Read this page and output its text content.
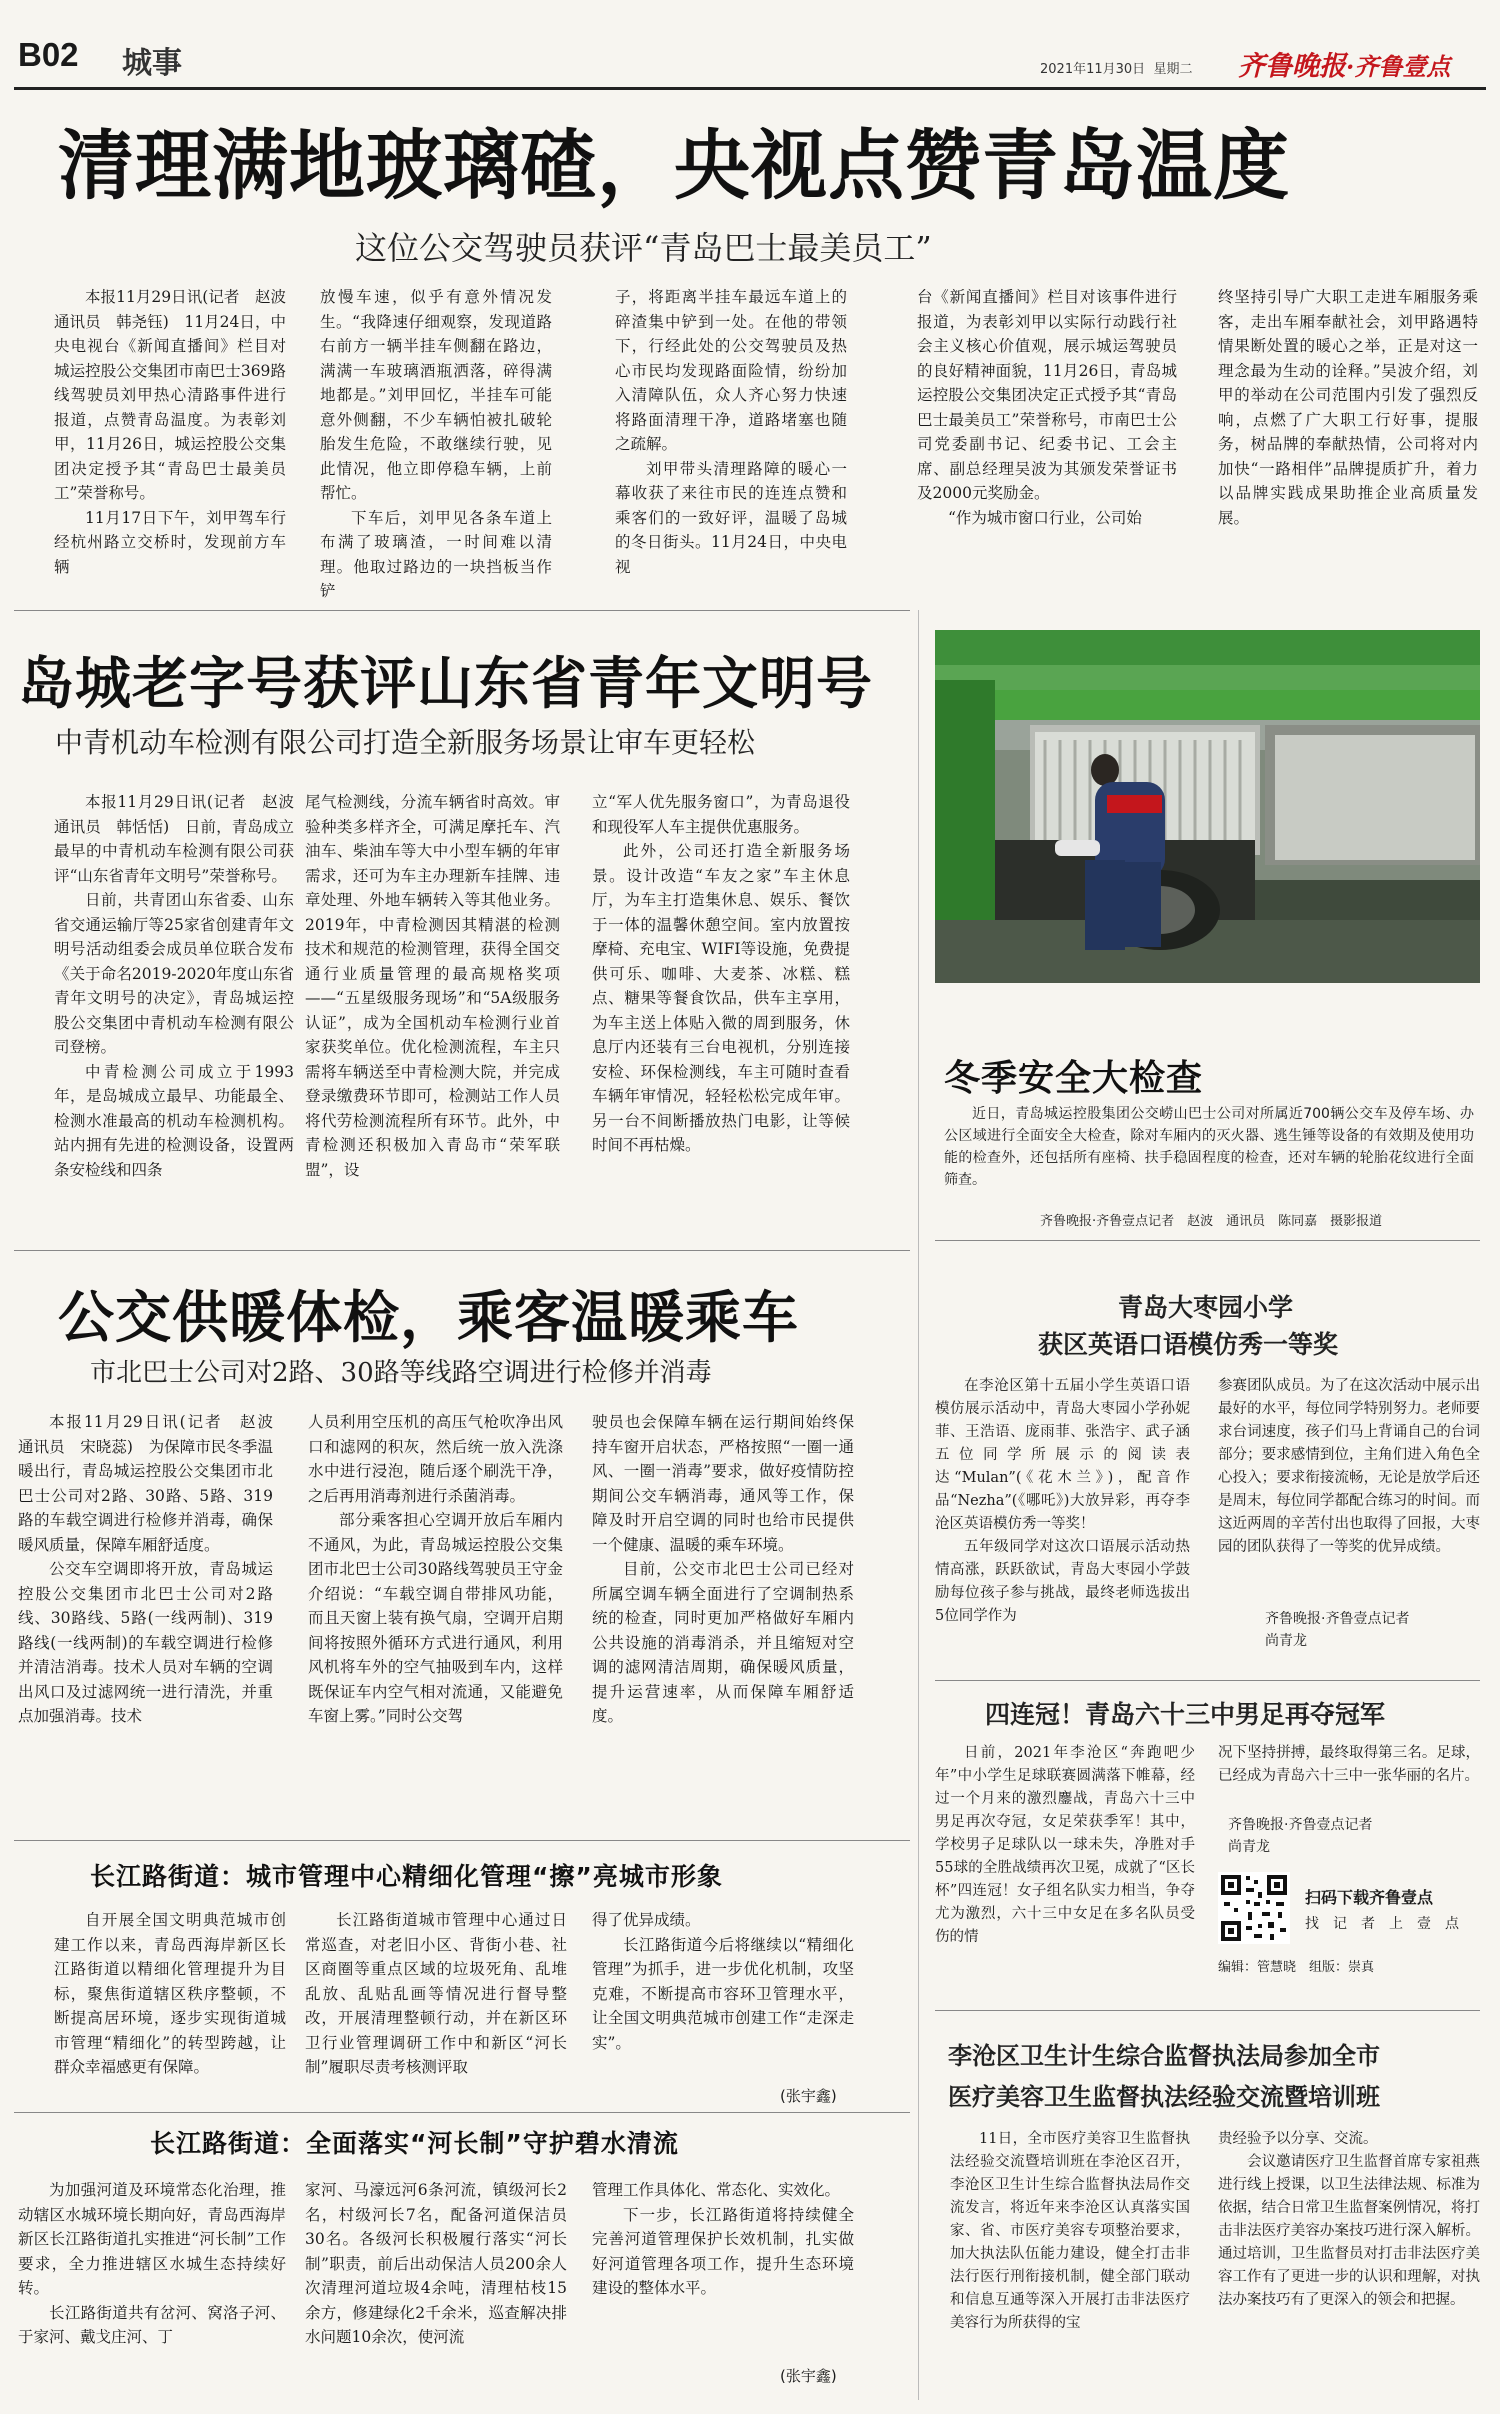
B02	城事	2021年11月30日 星期二 齐鲁晚报·齐鲁壹点
清理满地玻璃碴，央视点赞青岛温度
这位公交驾驶员获评“青岛巴士最美员工”

本报11月29日讯(记者　赵波　通讯员　韩尧钰)　11月24日，中央电视台《新闻直播间》栏目对城运控股公交集团市南巴士369路线驾驶员刘甲热心清路事件进行报道，点赞青岛温度。为表彰刘甲，11月26日，城运控股公交集团决定授予其“青岛巴士最美员工”荣誉称号。

11月17日下午，刘甲驾车行经杭州路立交桥时，发现前方车辆

放慢车速，似乎有意外情况发生。“我降速仔细观察，发现道路右前方一辆半挂车侧翻在路边，满满一车玻璃酒瓶洒落，碎得满地都是。”刘甲回忆，半挂车可能意外侧翻，不少车辆怕被扎破轮胎发生危险，不敢继续行驶，见此情况，他立即停稳车辆，上前帮忙。

下车后，刘甲见各条车道上布满了玻璃渣，一时间难以清理。他取过路边的一块挡板当作铲

子，将距离半挂车最远车道上的碎渣集中铲到一处。在他的带领下，行经此处的公交驾驶员及热心市民均发现路面险情，纷纷加入清障队伍，众人齐心努力快速将路面清理干净，道路堵塞也随之疏解。

刘甲带头清理路障的暖心一幕收获了来往市民的连连点赞和乘客们的一致好评，温暖了岛城的冬日街头。11月24日，中央电视

台《新闻直播间》栏目对该事件进行报道，为表彰刘甲以实际行动践行社会主义核心价值观，展示城运驾驶员的良好精神面貌，11月26日，青岛城运控股公交集团决定正式授予其“青岛巴士最美员工”荣誉称号，市南巴士公司党委副书记、纪委书记、工会主席、副总经理吴波为其颁发荣誉证书及2000元奖励金。

“作为城市窗口行业，公司始

终坚持引导广大职工走进车厢服务乘客，走出车厢奉献社会，刘甲路遇特情果断处置的暖心之举，正是对这一理念最为生动的诠释。”吴波介绍，刘甲的举动在公司范围内引发了强烈反响，点燃了广大职工行好事，提服务，树品牌的奉献热情，公司将对内加快“一路相伴”品牌提质扩升，着力以品牌实践成果助推企业高质量发展。

岛城老字号获评山东省青年文明号
中青机动车检测有限公司打造全新服务场景让审车更轻松

本报11月29日讯(记者　赵波　通讯员　韩恬恬)　日前，青岛成立最早的中青机动车检测有限公司获评“山东省青年文明号”荣誉称号。

日前，共青团山东省委、山东省交通运输厅等25家省创建青年文明号活动组委会成员单位联合发布《关于命名2019-2020年度山东省青年文明号的决定》，青岛城运控股公交集团中青机动车检测有限公司登榜。

中青检测公司成立于1993年，是岛城成立最早、功能最全、检测水准最高的机动车检测机构。站内拥有先进的检测设备，设置两条安检线和四条

尾气检测线，分流车辆省时高效。审验种类多样齐全，可满足摩托车、汽油车、柴油车等大中小型车辆的年审需求，还可为车主办理新车挂牌、违章处理、外地车辆转入等其他业务。2019年，中青检测因其精湛的检测技术和规范的检测管理，获得全国交通行业质量管理的最高规格奖项——“五星级服务现场”和“5A级服务认证”，成为全国机动车检测行业首家获奖单位。优化检测流程，车主只需将车辆送至中青检测大院，并完成登录缴费环节即可，检测站工作人员将代劳检测流程所有环节。此外，中青检测还积极加入青岛市“荣军联盟”，设

立“军人优先服务窗口”，为青岛退役和现役军人车主提供优惠服务。

此外，公司还打造全新服务场景。设计改造“车友之家”车主休息厅，为车主打造集休息、娱乐、餐饮于一体的温馨休憩空间。室内放置按摩椅、充电宝、WIFI等设施，免费提供可乐、咖啡、大麦茶、冰糕、糕点、糖果等餐食饮品，供车主享用，为车主送上体贴入微的周到服务，休息厅内还装有三台电视机，分别连接安检、环保检测线，车主可随时查看车辆年审情况，轻轻松松完成年审。另一台不间断播放热门电影，让等候时间不再枯燥。

冬季安全大检查

近日，青岛城运控股集团公交崂山巴士公司对所属近700辆公交车及停车场、办公区域进行全面安全大检查，除对车厢内的灭火器、逃生锤等设备的有效期及使用功能的检查外，还包括所有座椅、扶手稳固程度的检查，还对车辆的轮胎花纹进行全面筛查。

齐鲁晚报·齐鲁壹点记者　赵波　通讯员　陈同嘉　摄影报道
公交供暖体检，乘客温暖乘车
市北巴士公司对2路、30路等线路空调进行检修并消毒

本报11月29日讯(记者　赵波　通讯员　宋晓蕊)　为保障市民冬季温暖出行，青岛城运控股公交集团市北巴士公司对2路、30路、5路、319路的车载空调进行检修并消毒，确保暖风质量，保障车厢舒适度。

公交车空调即将开放，青岛城运控股公交集团市北巴士公司对2路线、30路线、5路(一线两制)、319路线(一线两制)的车载空调进行检修并清洁消毒。技术人员对车辆的空调出风口及过滤网统一进行清洗，并重点加强消毒。技术

人员利用空压机的高压气枪吹净出风口和滤网的积灰，然后统一放入洗涤水中进行浸泡，随后逐个刷洗干净，之后再用消毒剂进行杀菌消毒。

部分乘客担心空调开放后车厢内不通风，为此，青岛城运控股公交集团市北巴士公司30路线驾驶员王守金介绍说：“车载空调自带排风功能，而且天窗上装有换气扇，空调开启期间将按照外循环方式进行通风，利用风机将车外的空气抽吸到车内，这样既保证车内空气相对流通，又能避免车窗上雾。”同时公交驾

驶员也会保障车辆在运行期间始终保持车窗开启状态，严格按照“一圈一通风、一圈一消毒”要求，做好疫情防控期间公交车辆消毒，通风等工作，保障及时开启空调的同时也给市民提供一个健康、温暖的乘车环境。

目前，公交市北巴士公司已经对所属空调车辆全面进行了空调制热系统的检查，同时更加严格做好车厢内公共设施的消毒消杀，并且缩短对空调的滤网清洁周期，确保暖风质量，提升运营速率，从而保障车厢舒适度。

长江路街道：城市管理中心精细化管理“擦”亮城市形象

自开展全国文明典范城市创建工作以来，青岛西海岸新区长江路街道以精细化管理提升为目标，聚焦街道辖区秩序整顿，不断提高居环境，逐步实现街道城市管理“精细化”的转型跨越，让群众幸福感更有保障。

长江路街道城市管理中心通过日常巡查，对老旧小区、背街小巷、社区商圈等重点区域的垃圾死角、乱堆乱放、乱贴乱画等情况进行督导整改，开展清理整顿行动，并在新区环卫行业管理调研工作中和新区“河长制”履职尽责考核测评取

得了优异成绩。

长江路街道今后将继续以“精细化管理”为抓手，进一步优化机制，攻坚克难，不断提高市容环卫管理水平，让全国文明典范城市创建工作“走深走实”。

(张宇鑫)
长江路街道：全面落实“河长制”守护碧水清流

为加强河道及环境常态化治理，推动辖区水城环境长期向好，青岛西海岸新区长江路街道扎实推进“河长制”工作要求，全力推进辖区水城生态持续好转。

长江路街道共有岔河、窝洛子河、于家河、戴戈庄河、丁

家河、马濠远河6条河流，镇级河长2名，村级河长7名，配备河道保洁员30名。各级河长积极履行落实“河长制”职责，前后出动保洁人员200余人次清理河道垃圾4余吨，清理枯枝15余方，修建绿化2千余米，巡查解决排水问题10余次，使河流

管理工作具体化、常态化、实效化。

下一步，长江路街道将持续健全完善河道管理保护长效机制，扎实做好河道管理各项工作，提升生态环境建设的整体水平。

(张宇鑫)
青岛大枣园小学
获区英语口语模仿秀一等奖

在李沧区第十五届小学生英语口语模仿展示活动中，青岛大枣园小学孙妮菲、王浩语、庞雨菲、张浩宇、武子涵五位同学所展示的阅读表达“Mulan”(《花木兰》)，配音作品“Nezha”(《哪吒》)大放异彩，再夺李沧区英语模仿秀一等奖！

五年级同学对这次口语展示活动热情高涨，跃跃欲试，青岛大枣园小学鼓励每位孩子参与挑战，最终老师选拔出5位同学作为

参赛团队成员。为了在这次活动中展示出最好的水平，每位同学特别努力。老师要求台词速度，孩子们马上背诵自己的台词部分；要求感情到位，主角们进入角色全心投入；要求衔接流畅，无论是放学后还是周末，每位同学都配合练习的时间。而这近两周的辛苦付出也取得了回报，大枣园的团队获得了一等奖的优异成绩。

齐鲁晚报·齐鲁壹点记者
尚青龙
四连冠！青岛六十三中男足再夺冠军

日前，2021年李沧区“奔跑吧少年”中小学生足球联赛圆满落下帷幕，经过一个月来的激烈鏖战，青岛六十三中男足再次夺冠，女足荣获季军！其中，学校男子足球队以一球未失，净胜对手55球的全胜战绩再次卫冕，成就了“区长杯”四连冠！女子组名队实力相当，争夺尤为激烈，六十三中女足在多名队员受伤的情

况下坚持拼搏，最终取得第三名。足球，已经成为青岛六十三中一张华丽的名片。

齐鲁晚报·齐鲁壹点记者
尚青龙
扫码下载齐鲁壹点
找　记　者　上　壹　点
编辑：管慧晓　组版：崇真
李沧区卫生计生综合监督执法局参加全市
医疗美容卫生监督执法经验交流暨培训班

11日，全市医疗美容卫生监督执法经验交流暨培训班在李沧区召开，李沧区卫生计生综合监督执法局作交流发言，将近年来李沧区认真落实国家、省、市医疗美容专项整治要求，加大执法队伍能力建设，健全打击非法行医行刑衔接机制，健全部门联动和信息互通等深入开展打击非法医疗美容行为所获得的宝

贵经验予以分享、交流。

会议邀请医疗卫生监督首席专家祖燕进行线上授课，以卫生法律法规、标准为依据，结合日常卫生监督案例情况，将打击非法医疗美容办案技巧进行深入解析。通过培训，卫生监督员对打击非法医疗美容工作有了更进一步的认识和理解，对执法办案技巧有了更深入的领会和把握。
